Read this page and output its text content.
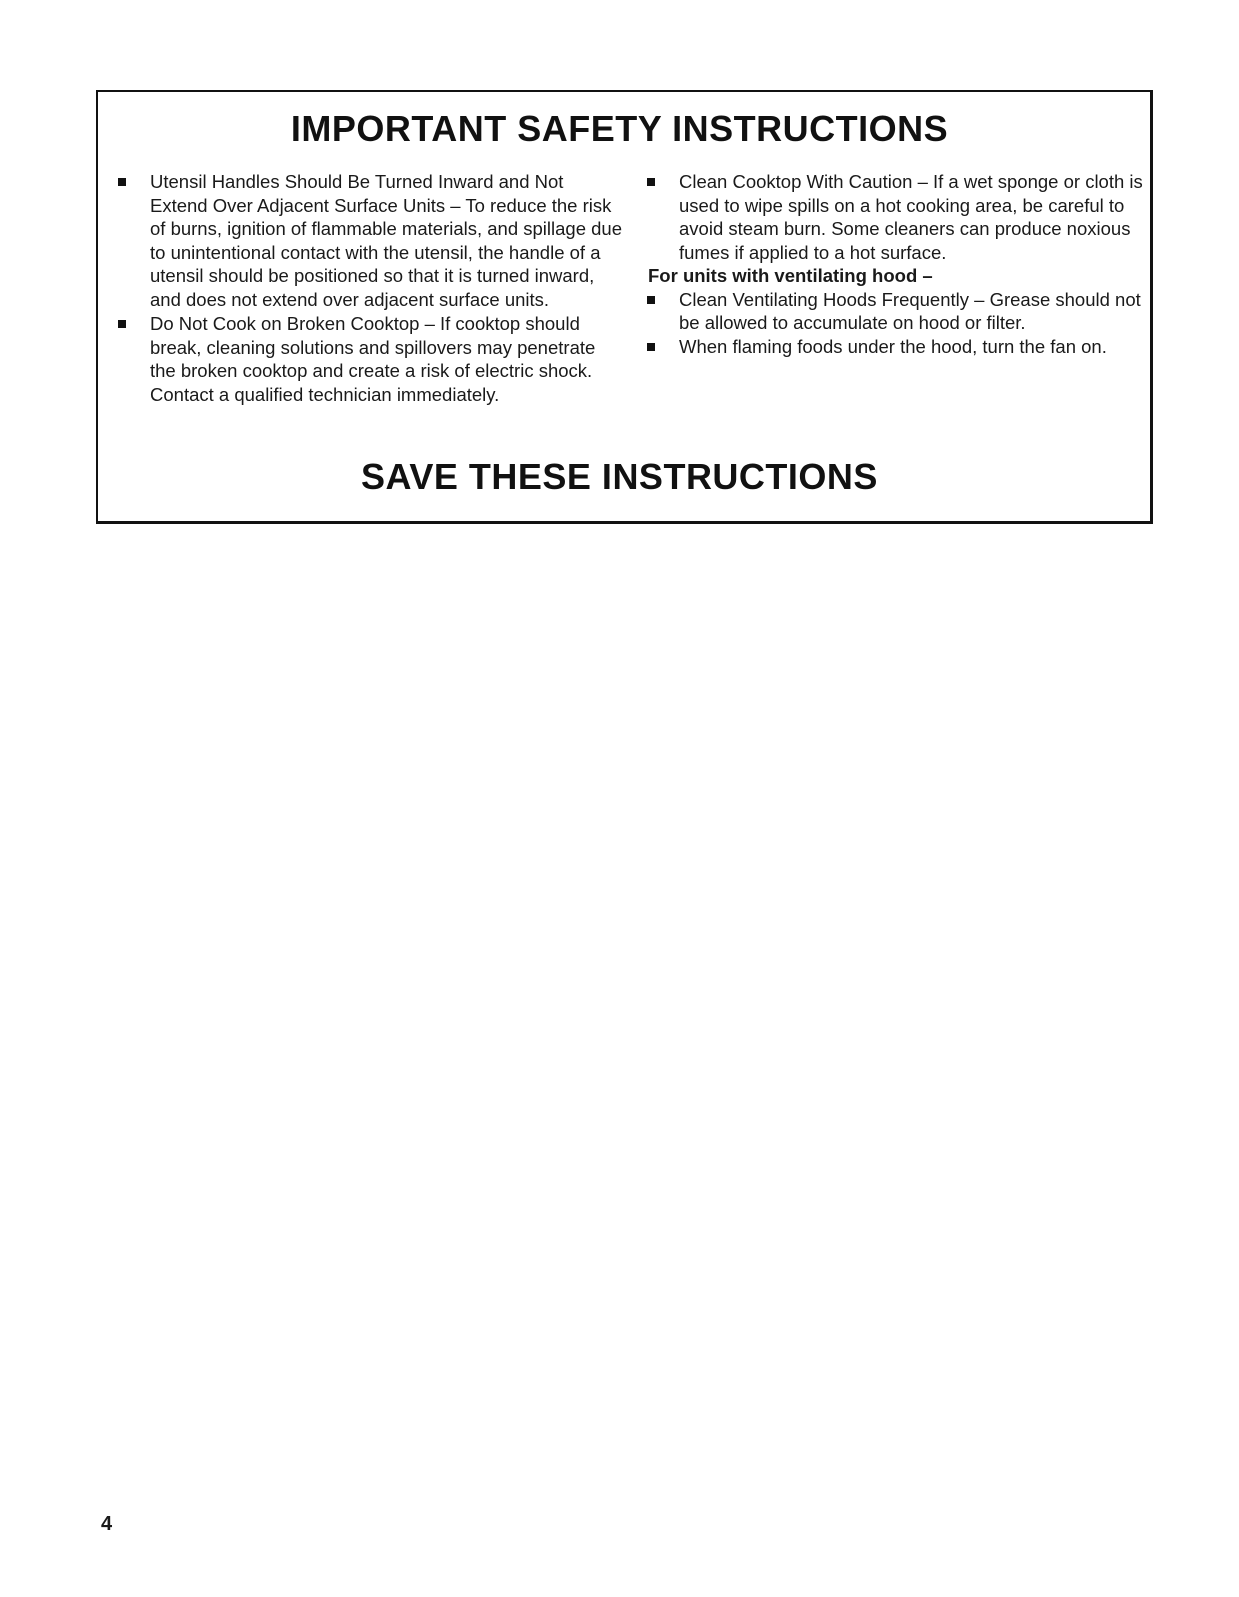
IMPORTANT SAFETY INSTRUCTIONS
Utensil Handles Should Be Turned Inward and Not Extend Over Adjacent Surface Units – To reduce the risk of burns, ignition of flammable materials, and spillage due to unintentional contact with the utensil, the handle of a utensil should be positioned so that it is turned inward, and does not extend over adjacent surface units.
Do Not Cook on Broken Cooktop – If cooktop should break, cleaning solutions and spillovers may penetrate the broken cooktop and create a risk of electric shock. Contact a qualified technician immediately.
Clean Cooktop With Caution – If a wet sponge or cloth is used to wipe spills on a hot cooking area, be careful to avoid steam burn. Some cleaners can produce noxious fumes if applied to a hot surface.
For units with ventilating hood –
Clean Ventilating Hoods Frequently – Grease should not be allowed to accumulate on hood or filter.
When flaming foods under the hood, turn the fan on.
SAVE THESE INSTRUCTIONS
4
